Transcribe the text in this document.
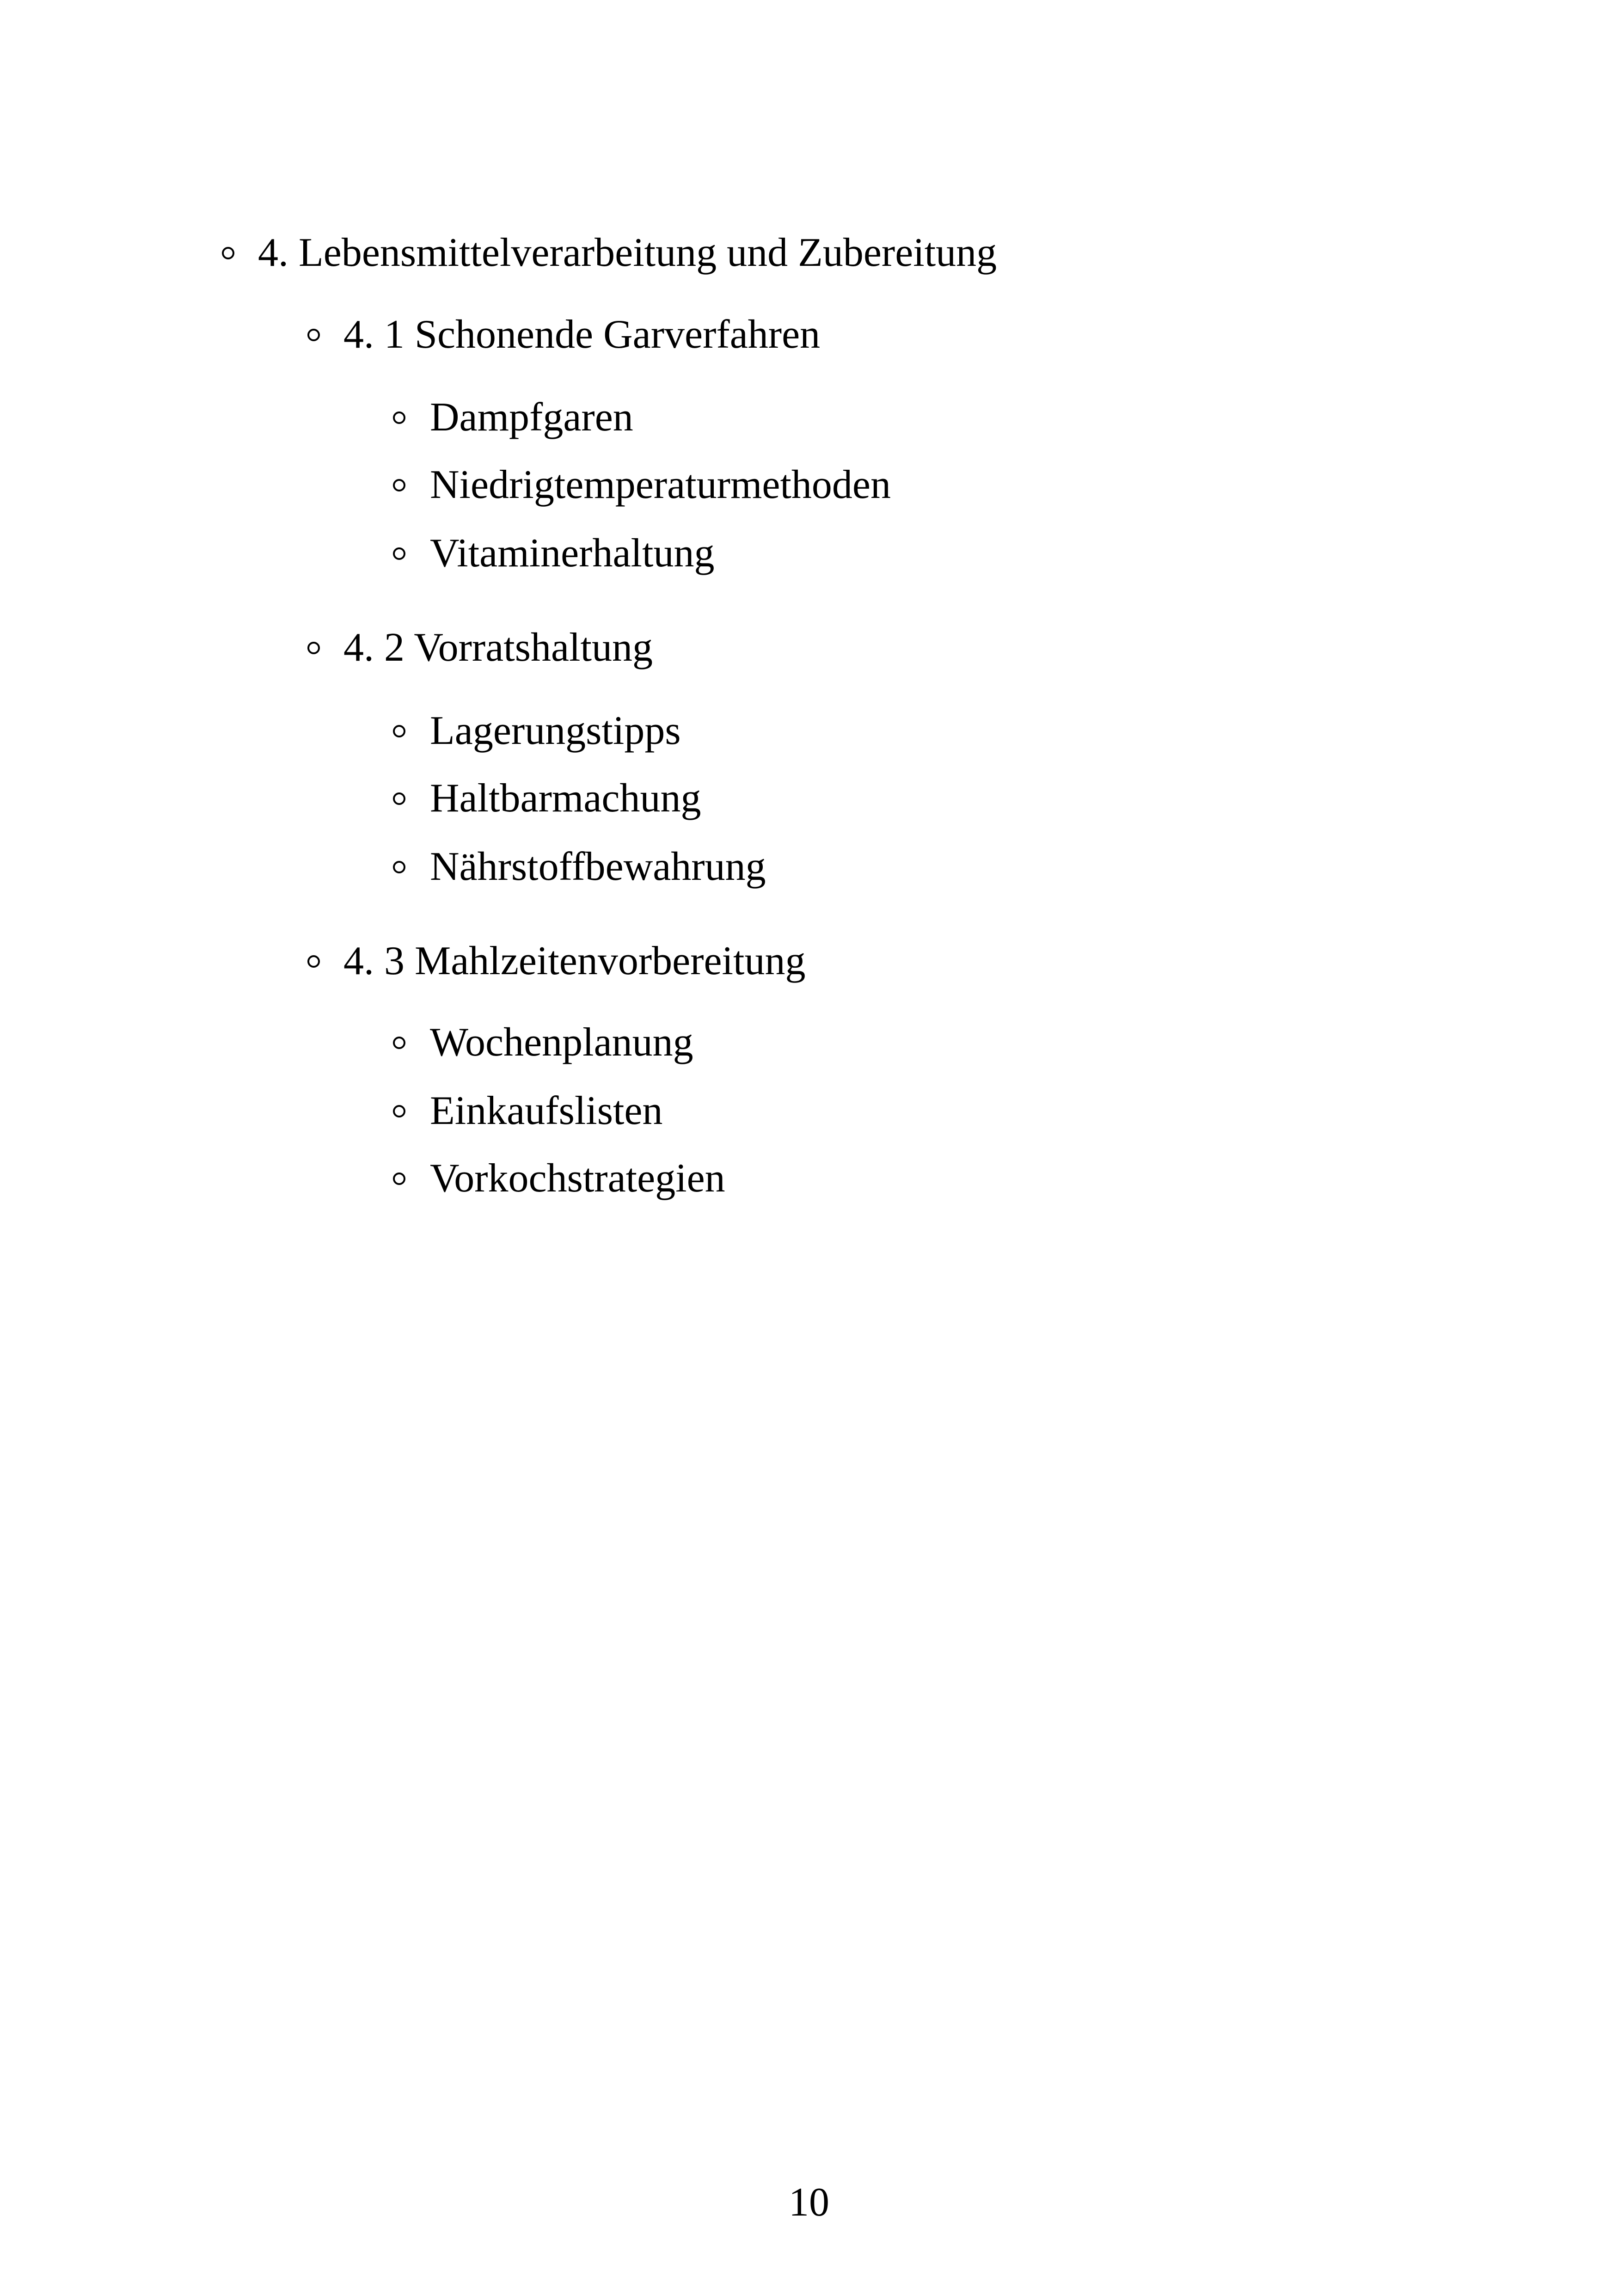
4. Lebensmittelverarbeitung und Zubereitung
4. 1 Schonende Garverfahren
Dampfgaren
Niedrigtemperaturmethoden
Vitaminerhaltung
4. 2 Vorratshaltung
Lagerungstipps
Haltbarmachung
Nährstoffbewahrung
4. 3 Mahlzeitenvorbereitung
Wochenplanung
Einkaufslisten
Vorkochstrategien
10
